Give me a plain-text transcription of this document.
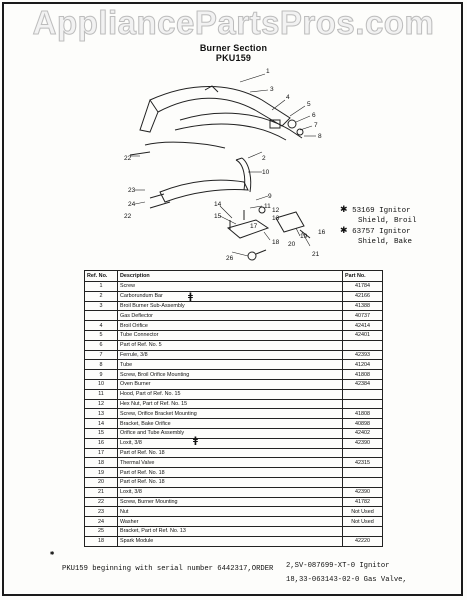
AppliancePartsPros.com
Burner Section
PKU159
1
3
4
5
6
7
8
2
22
10
23
24
9
11
12
13
14
15
17
18
19
20
21
26
22
16
✱ 53169 Ignitor
Shield, Broil
✱ 63757 Ignitor
Shield, Bake
Ref. No.	Description	Part No.
1	Screw	41784
2	Carborundum Bar	42166
3	Broil Burner Sub-Assembly	41388
	Gas Deflector	40737
4	Broil Orifice	42414
5	Tube Connector	42401
6	Part of Ref. No. 5	
7	Ferrule, 3/8	42393
8	Tube	41204
9	Screw, Broil Orifice Mounting	41808
10	Oven Burner	42384
11	Hood, Part of Ref. No. 15	
12	Hex Nut, Part of Ref. No. 15	
13	Screw, Orifice Bracket Mounting	41808
14	Bracket, Bake Orifice	40898
15	Orifice and Tube Assembly	42402
16	Loxit, 3/8	42390
17	Part of Ref. No. 18	
18	Thermal Valve	42315
19	Part of Ref. No. 18	
20	Part of Ref. No. 18	
21	Loxit, 3/8	42390
22	Screw, Burner Mounting	41782
23	Nut	Not Used
24	Washer	Not Used
25	Bracket, Part of Ref. No. 13	
18	Spark Module	42220
ǂ
ǂ
✱
PKU159 beginning with serial number 6442317,ORDER 2,SV-087699-XT-0 Ignitor
18,33-063143-02-0 Gas Valve,
